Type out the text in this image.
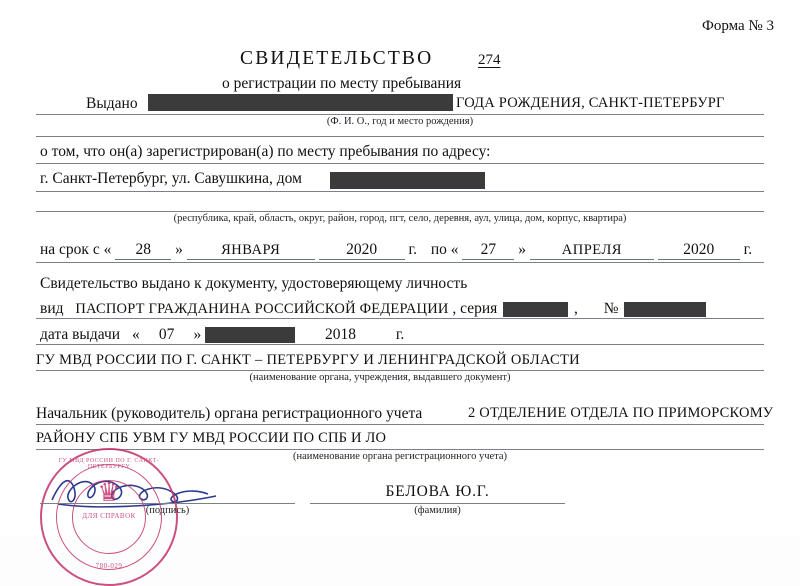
Форма № 3
СВИДЕТЕЛЬСТВО	274
о регистрации по месту пребывания
Выдано	ГОДА РОЖДЕНИЯ, САНКТ-ПЕТЕРБУРГ
(Ф. И. О., год и место рождения)
о том, что он(а) зарегистрирован(а) по месту пребывания по адресу:
г. Санкт-Петербург, ул. Савушкина, дом
(республика, край, область, округ, район, город, пгт, село, деревня, аул, улица, дом, корпус, квартира)
на срок с « 28 »	ЯНВАРЯ	2020 г. по « 27 » АПРЕЛЯ	2020 г.
Свидетельство выдано к документу, удостоверяющему личность
вид ПАСПОРТ ГРАЖДАНИНА РОССИЙСКОЙ ФЕДЕРАЦИИ , серия	, №
дата выдачи « 07 »	2018	г.
ГУ МВД РОССИИ ПО Г. САНКТ – ПЕТЕРБУРГУ И ЛЕНИНГРАДСКОЙ ОБЛАСТИ
(наименование органа, учреждения, выдавшего документ)
Начальник (руководитель) органа регистрационного учета	2 ОТДЕЛЕНИЕ ОТДЕЛА ПО ПРИМОРСКОМУ
РАЙОНУ СПБ УВМ ГУ МВД РОССИИ ПО СПБ И ЛО
(наименование органа регистрационного учета)
♛
ГУ МВД РОССИИ ПО Г. САНКТ-ПЕТЕРБУРГУ
ДЛЯ СПРАВОК
780-029
(подпись)
БЕЛОВА Ю.Г.
(фамилия)
